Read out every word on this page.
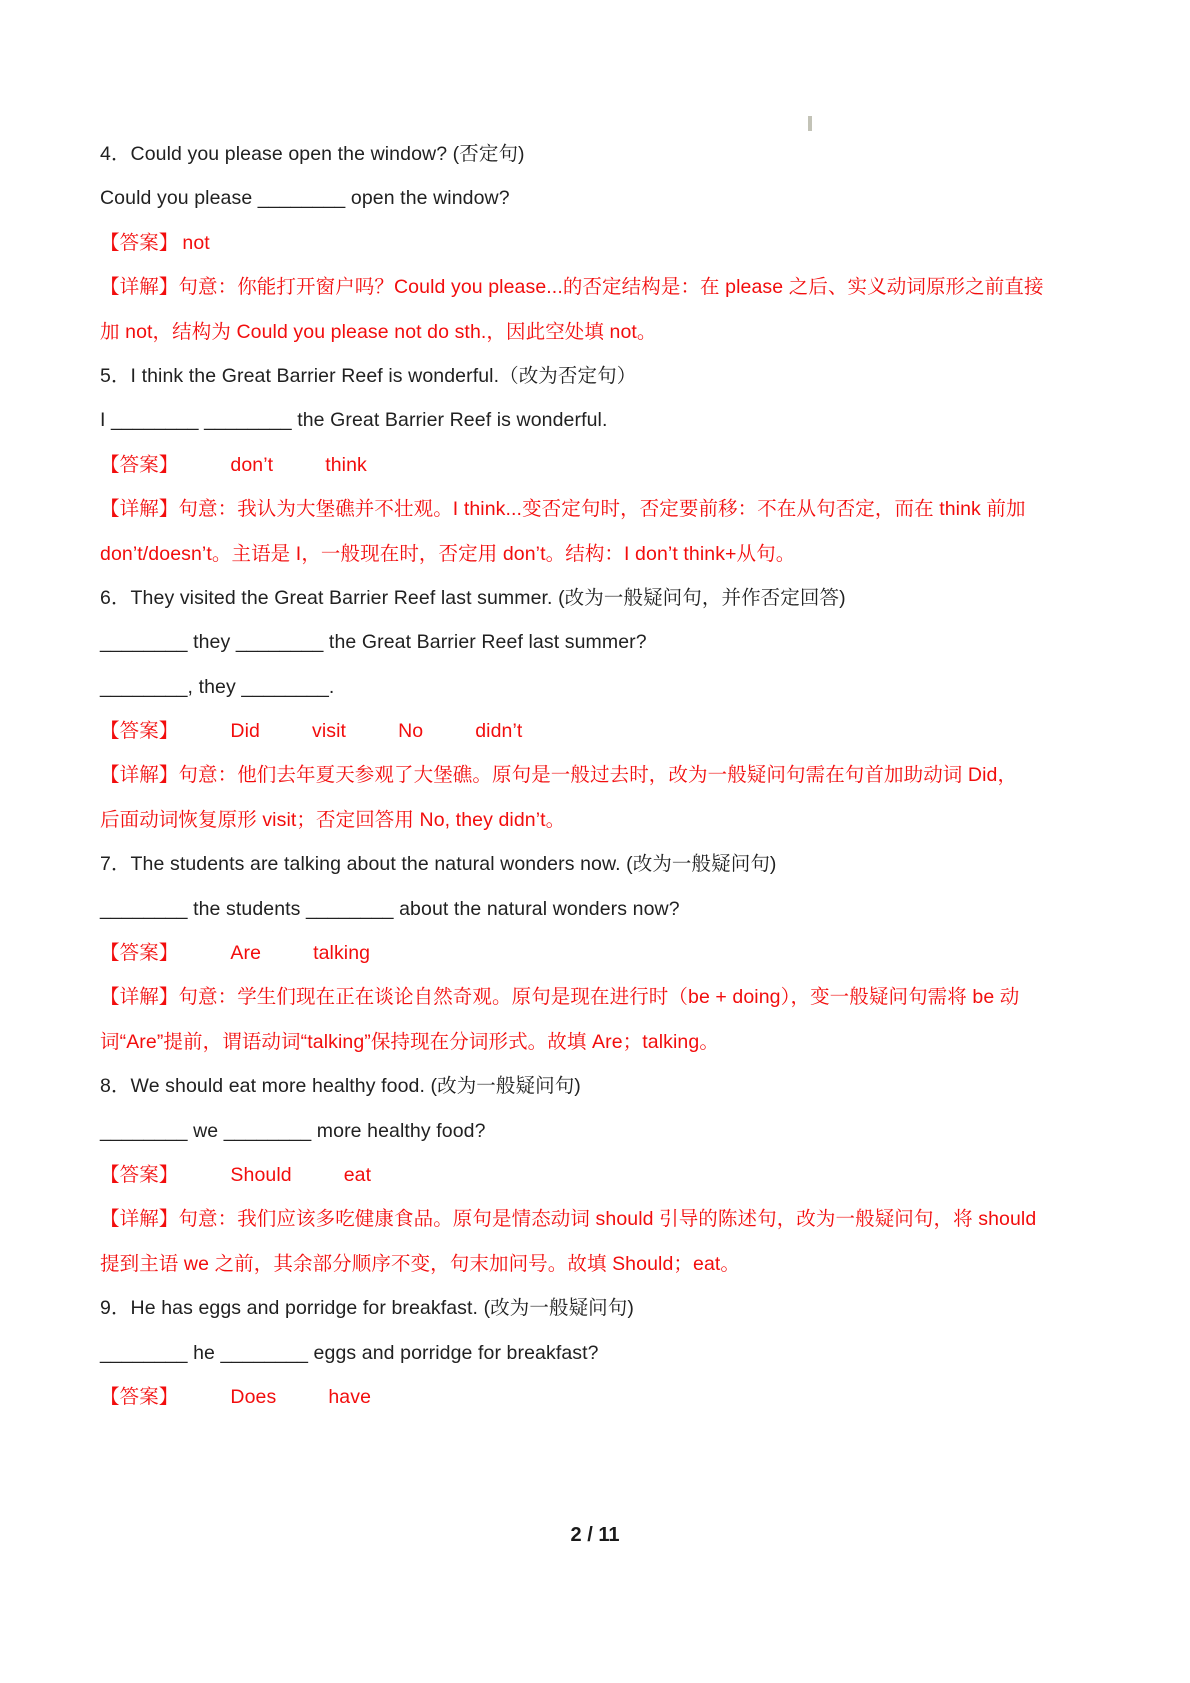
4．Could you please open the window? (否定句)
Could you please ________ open the window?
【答案】 not
【详解】句意：你能打开窗户吗？Could you please...的否定结构是：在 please 之后、实义动词原形之前直接
加 not，结构为 Could you please not do sth.，因此空处填 not。
5．I think the Great Barrier Reef is wonderful.（改为否定句）
I ________ ________ the Great Barrier Reef is wonderful.
【答案】	don’t	think
【详解】句意：我认为大堡礁并不壮观。I think...变否定句时，否定要前移：不在从句否定，而在 think 前加
don’t/doesn’t。主语是 I，一般现在时，否定用 don’t。结构：I don’t think+从句。
6．They visited the Great Barrier Reef last summer. (改为一般疑问句，并作否定回答)
________ they ________ the Great Barrier Reef last summer?
________, they ________.
【答案】	Did	visit	No	didn’t
【详解】句意：他们去年夏天参观了大堡礁。原句是一般过去时，改为一般疑问句需在句首加助动词 Did，
后面动词恢复原形 visit；否定回答用 No, they didn’t。
7．The students are talking about the natural wonders now. (改为一般疑问句)
________ the students ________ about the natural wonders now?
【答案】	Are	talking
【详解】句意：学生们现在正在谈论自然奇观。原句是现在进行时（be + doing），变一般疑问句需将 be 动
词“Are”提前，谓语动词“talking”保持现在分词形式。故填 Are；talking。
8．We should eat more healthy food. (改为一般疑问句)
________ we ________ more healthy food?
【答案】	Should	eat
【详解】句意：我们应该多吃健康食品。原句是情态动词 should 引导的陈述句，改为一般疑问句，将 should
提到主语 we 之前，其余部分顺序不变，句末加问号。故填 Should；eat。
9．He has eggs and porridge for breakfast. (改为一般疑问句)
________ he ________ eggs and porridge for breakfast?
【答案】	Does	have
2 / 11
